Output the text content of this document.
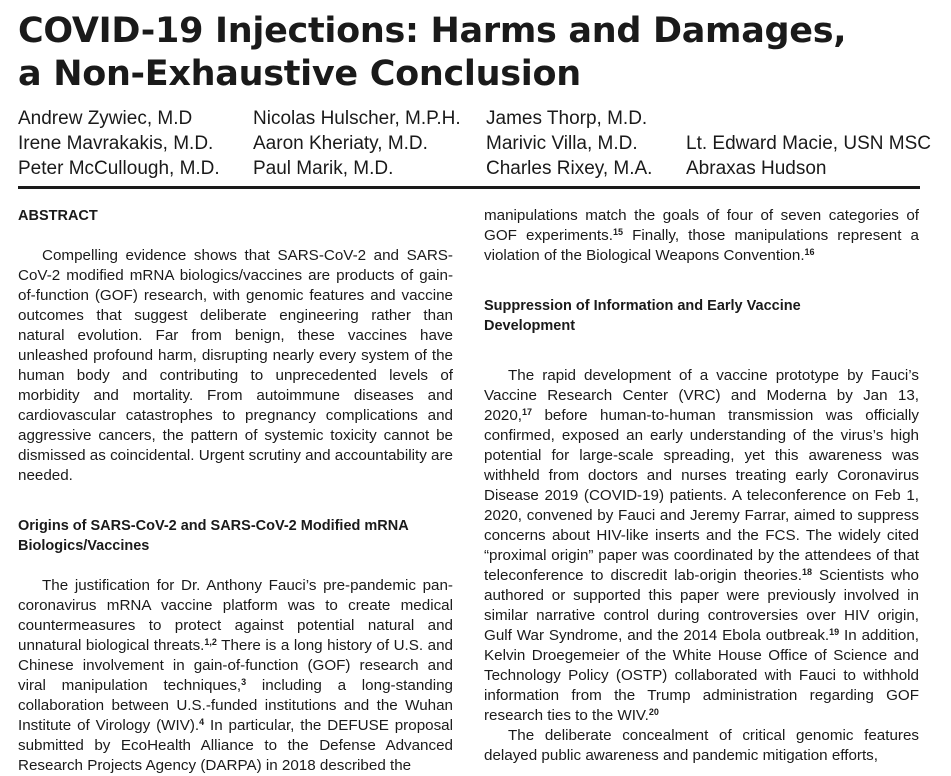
COVID-19 Injections: Harms and Damages,
a Non-Exhaustive Conclusion
Andrew Zywiec, M.D
Irene Mavrakakis, M.D.
Peter McCullough, M.D.
Nicolas Hulscher, M.P.H.
Aaron Kheriaty, M.D.
Paul Marik, M.D.
James Thorp, M.D.
Marivic Villa, M.D.
Charles Rixey, M.A.
Lt. Edward Macie, USN MSC
Abraxas Hudson

ABSTRACT

Compelling evidence shows that SARS-CoV-2 and SARS-CoV-2 modified mRNA biologics/vaccines are products of gain-of-function (GOF) research, with genomic features and vaccine outcomes that suggest deliberate engineering rather than natural evolution. Far from benign, these vaccines have unleashed profound harm, disrupting nearly every system of the human body and contributing to unprecedented levels of morbidity and mortality. From autoimmune diseases and cardiovascular catastrophes to pregnancy complications and aggressive cancers, the pattern of systemic toxicity cannot be dismissed as coincidental. Urgent scrutiny and accountability are needed.

Origins of SARS-CoV-2 and SARS-CoV-2 Modified mRNA
Biologics/Vaccines

The justification for Dr. Anthony Fauci’s pre-pandemic pan-coronavirus mRNA vaccine platform was to create medical countermeasures to protect against potential natural and unnatural biological threats.$^{1,2}$ There is a long history of U.S. and Chinese involvement in gain-of-function (GOF) research and viral manipulation techniques,$^3$ including a long-standing collaboration between U.S.-funded institutions and the Wuhan Institute of Virology (WIV).$^4$ In particular, the DEFUSE proposal submitted by EcoHealth Alliance to the Defense Advanced Research Projects Agency (DARPA) in 2018 described the

manipulations match the goals of four of seven categories of GOF experiments.$^{15}$ Finally, those manipulations represent a violation of the Biological Weapons Convention.$^{16}$

Suppression of Information and Early Vaccine
Development

The rapid development of a vaccine prototype by Fauci’s Vaccine Research Center (VRC) and Moderna by Jan 13, 2020,17 before human-to-human transmission was officially confirmed, exposed an early understanding of the virus’s high potential for large-scale spreading, yet this awareness was withheld from doctors and nurses treating early Coronavirus Disease 2019 (COVID-19) patients. A teleconference on Feb 1, 2020, convened by Fauci and Jeremy Farrar, aimed to suppress concerns about HIV-like inserts and the FCS. The widely cited “proximal origin” paper was coordinated by the attendees of that teleconference to discredit lab-origin theories.$^{18}$ Scientists who authored or supported this paper were previously involved in similar narrative control during controversies over HIV origin, Gulf War Syndrome, and the 2014 Ebola outbreak.$^{19}$ In addition, Kelvin Droegemeier of the White House Office of Science and Technology Policy (OSTP) collaborated with Fauci to withhold information from the Trump administration regarding GOF research ties to the WIV.$^{20}$

The deliberate concealment of critical genomic features delayed public awareness and pandemic mitigation efforts,
